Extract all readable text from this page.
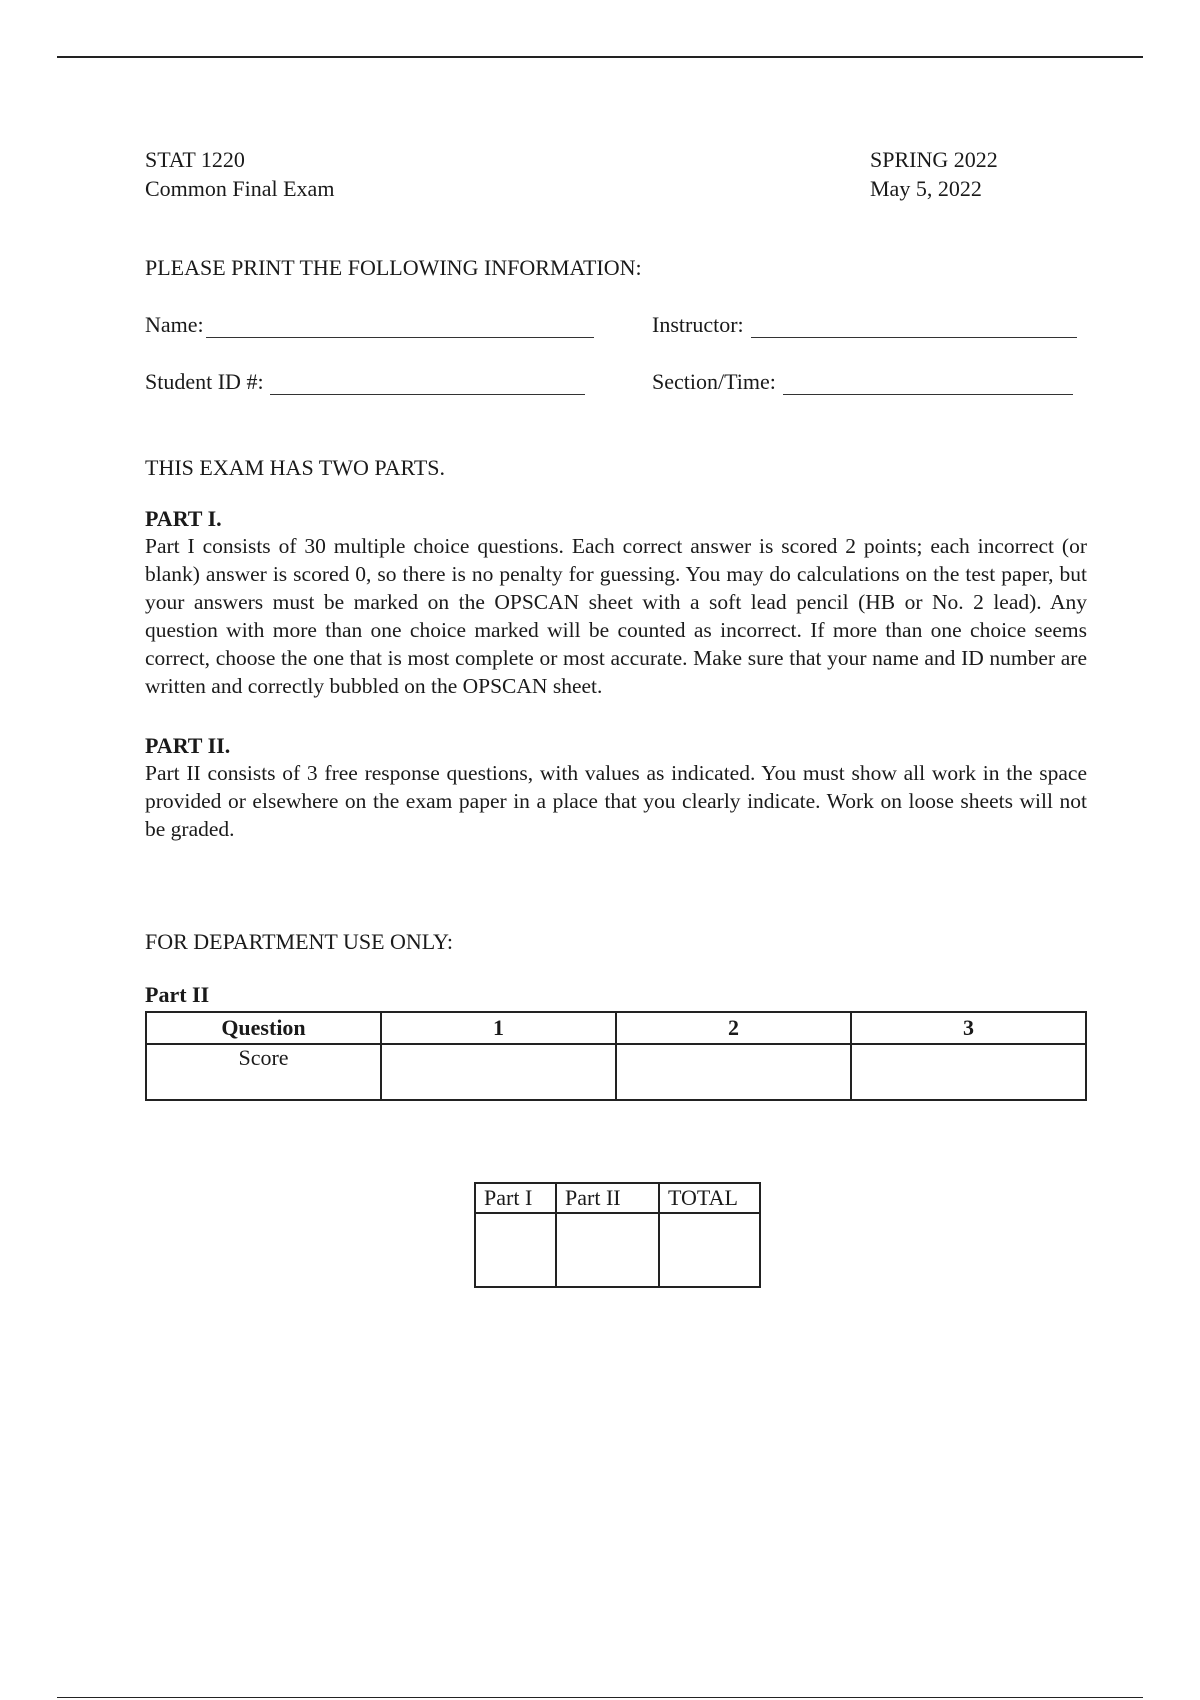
STAT 1220
Common Final Exam
SPRING 2022
May 5, 2022
PLEASE PRINT THE FOLLOWING INFORMATION:
Name:	Instructor:
Student ID #:	Section/Time:
THIS EXAM HAS TWO PARTS.
PART I.

Part I consists of 30 multiple choice questions. Each correct answer is scored 2 points; each incorrect (or blank) answer is scored 0, so there is no penalty for guessing. You may do calculations on the test paper, but your answers must be marked on the OPSCAN sheet with a soft lead pencil (HB or No. 2 lead). Any question with more than one choice marked will be counted as incorrect. If more than one choice seems correct, choose the one that is most complete or most accurate. Make sure that your name and ID number are written and correctly bubbled on the OPSCAN sheet.

PART II.

Part II consists of 3 free response questions, with values as indicated. You must show all work in the space provided or elsewhere on the exam paper in a place that you clearly indicate. Work on loose sheets will not be graded.

FOR DEPARTMENT USE ONLY:
Part II
Question	1	2	3
Score			
Part I	Part II	TOTAL
